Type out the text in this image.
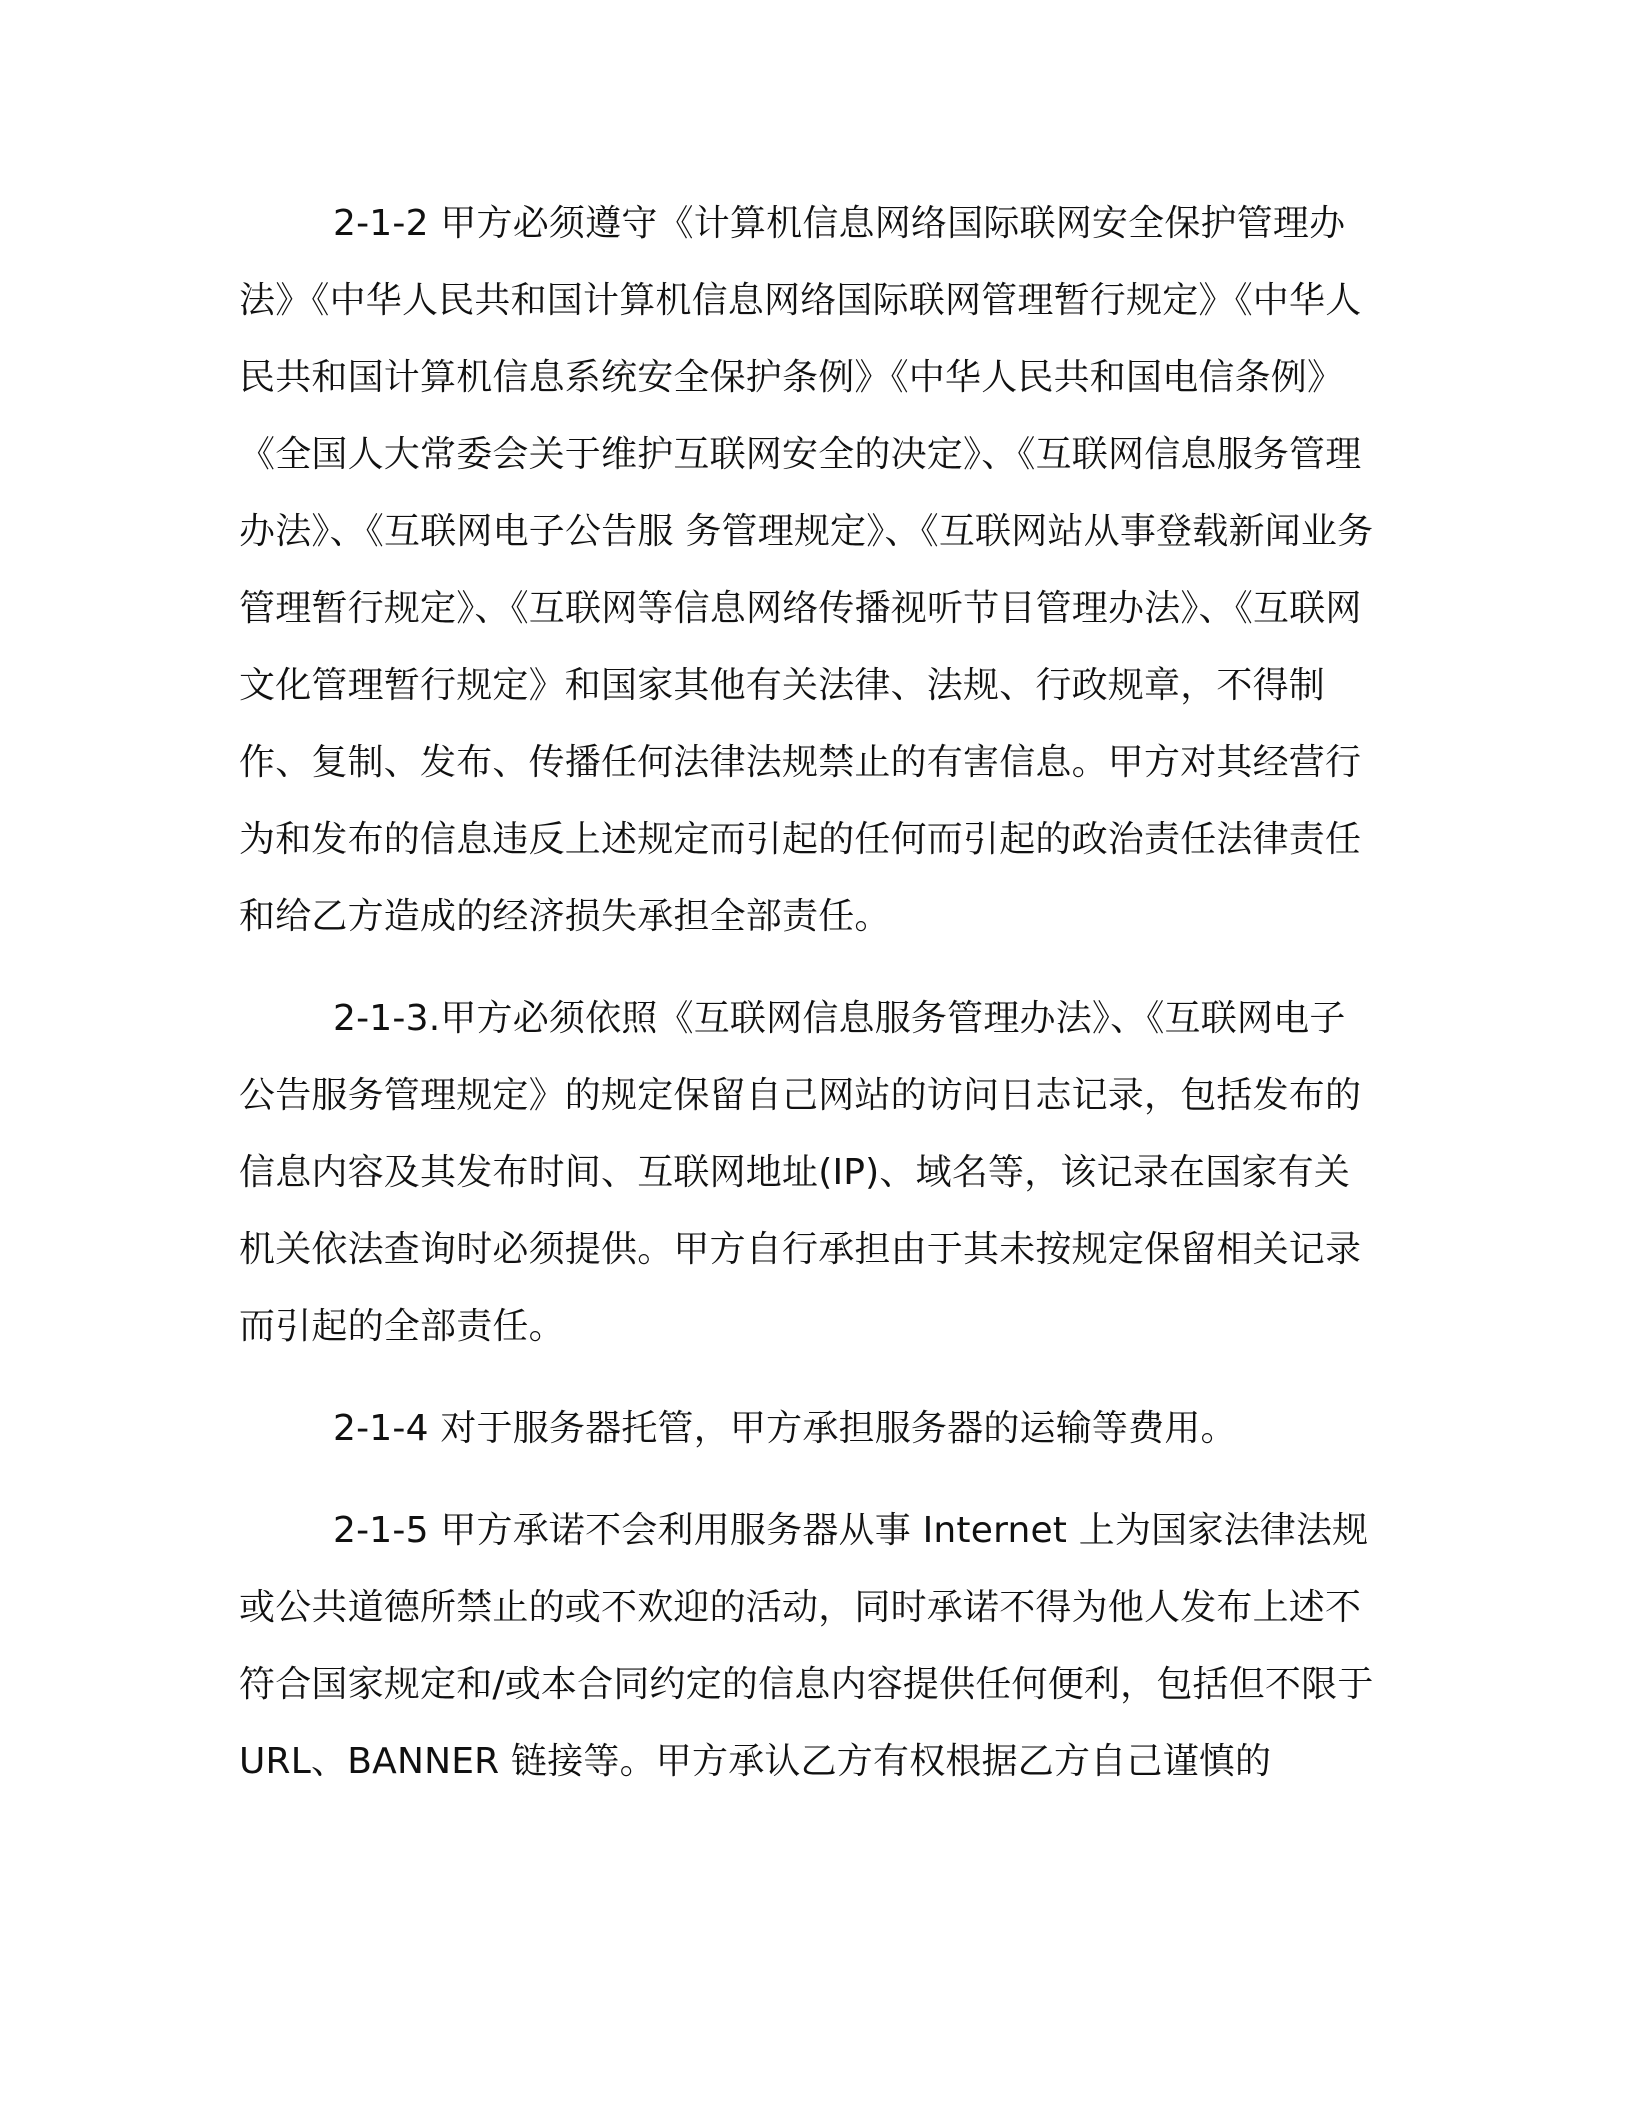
2-1-2 甲方必须遵守《计算机信息网络国际联网安全保护管理办法》《中华人民共和国计算机信息网络国际联网管理暂行规定》《中华人民共和国计算机信息系统安全保护条例》《中华人民共和国电信条例》《全国人大常委会关于维护互联网安全的决定》、《互联网信息服务管理办法》、《互联网电子公告服 务管理规定》、《互联网站从事登载新闻业务管理暂行规定》、《互联网等信息网络传播视听节目管理办法》、《互联网文化管理暂行规定》和国家其他有关法律、法规、行政规章，不得制作、复制、发布、传播任何法律法规禁止的有害信息。甲方对其经营行为和发布的信息违反上述规定而引起的任何而引起的政治责任法律责任和给乙方造成的经济损失承担全部责任。

2-1-3.甲方必须依照《互联网信息服务管理办法》、《互联网电子公告服务管理规定》的规定保留自己网站的访问日志记录，包括发布的信息内容及其发布时间、互联网地址(IP)、域名等，该记录在国家有关机关依法查询时必须提供。甲方自行承担由于其未按规定保留相关记录而引起的全部责任。

2-1-4 对于服务器托管，甲方承担服务器的运输等费用。

2-1-5 甲方承诺不会利用服务器从事 Internet 上为国家法律法规或公共道德所禁止的或不欢迎的活动，同时承诺不得为他人发布上述不符合国家规定和/或本合同约定的信息内容提供任何便利，包括但不限于 URL、BANNER 链接等。甲方承认乙方有权根据乙方自己谨慎的
